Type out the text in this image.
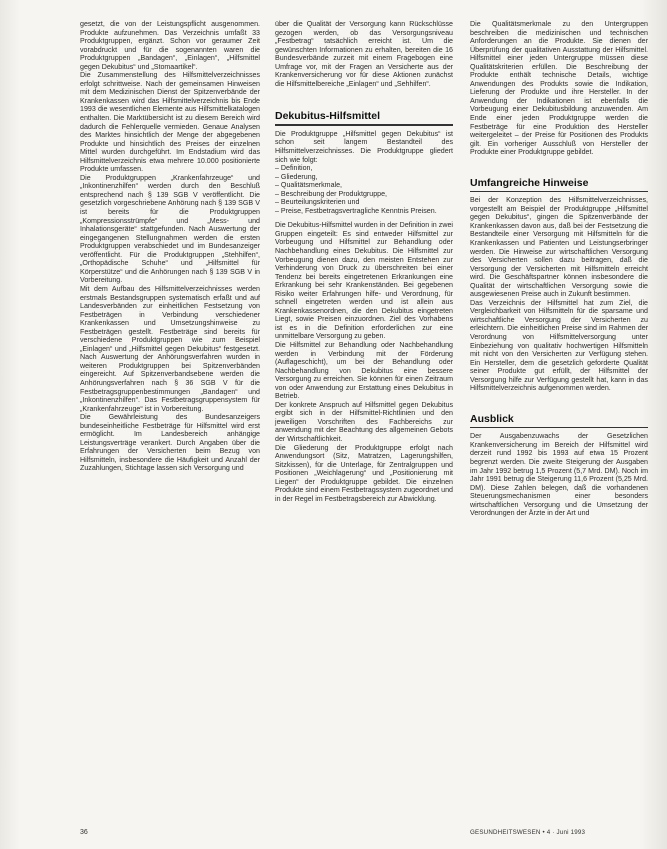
gesetzt, die von der Leistungspflicht ausgenommen. Produkte aufzunehmen. Das Verzeichnis umfaßt 33 Produktgruppen, ergänzt. Schon vor geraumer Zeit vorabdruckt und für die sogenannten waren die Produktgruppen „Bandagen“, „Einlagen“, „Hilfsmittel gegen Dekubitus“ und „Stomaartikel“.

Die Zusammenstellung des Hilfsmittelverzeichnisses erfolgt schrittweise. Nach der gemeinsamen Hinweisen mit dem Medizinischen Dienst der Spitzenverbände der Krankenkassen wird das Hilfsmittelverzeichnis bis Ende 1993 die wesentlichen Elemente aus Hilfsmittelkatalogen enthalten. Die Marktübersicht ist zu diesem Bereich wird dadurch die Fehlerquelle vermieden. Genaue Analysen des Marktes hinsichtlich der Menge der abgegebenen Produkte und hinsichtlich des Preises der einzelnen Mittel wurden durchgeführt. Im Endstadium wird das Hilfsmittelverzeichnis etwa mehrere 10.000 positionierte Produkte umfassen.

Die Produktgruppen „Krankenfahrzeuge“ und „Inkontinenzhilfen“ werden durch den Beschluß entsprechend nach § 139 SGB V veröffentlicht. Die gesetzlich vorgeschriebene Anhörung nach § 139 SGB V ist bereits für die Produktgruppen „Kompressionsstrümpfe“ und „Mess- und Inhalationsgeräte“ stattgefunden. Nach Auswertung der eingegangenen Stellungnahmen werden die ersten Produktgruppen verabschiedet und im Bundesanzeiger veröffentlicht. Für die Produktgruppen „Stehhilfen“, „Orthopädische Schuhe“ und „Hilfsmittel für Körperstütze“ und die Anhörungen nach § 139 SGB V in Vorbereitung.

Mit dem Aufbau des Hilfsmittelverzeichnisses werden erstmals Bestandsgruppen systematisch erfaßt und auf Landesverbänden zur einheitlichen Festsetzung von Festbeträgen in Verbindung verschiedener Krankenkassen und Umsetzungshinweise zu Festbeträgen gestellt. Festbeträge sind bereits für verschiedene Produktgruppen wie zum Beispiel „Einlagen“ und „Hilfsmittel gegen Dekubitus“ festgesetzt. Nach Auswertung der Anhörungsverfahren wurden in weiteren Produktgruppen bei Spitzenverbänden eingereicht. Auf Spitzenverbandsebene werden die Anhörungsverfahren nach § 36 SGB V für die Festbetragsgruppenbestimmungen „Bandagen“ und „Inkontinenzhilfen“. Das Festbetragsgruppensystem für „Krankenfahrzeuge“ ist in Vorbereitung.

Die Gewährleistung des Bundesanzeigers bundeseinheitliche Festbeträge für Hilfsmittel wird erst ermöglicht. Im Landesbereich anhängige Leistungsverträge verankert. Durch Angaben über die Erfahrungen der Versicherten beim Bezug von Hilfsmitteln, insbesondere die Häufigkeit und Anzahl der Zuzahlungen, Stichtage lassen sich Versorgung und

über die Qualität der Versorgung kann Rückschlüsse gezogen werden, ob das Versorgungsniveau „Festbetrag“ tatsächlich erreicht ist. Um die gewünschten Informationen zu erhalten, bereiten die 16 Bundesverbände zurzeit mit einem Fragebogen eine Umfrage vor, mit der Fragen an Versicherte aus der Krankenversicherung vor für diese Aktionen zunächst die Hilfsmittelbereiche „Einlagen“ und „Sehhilfen“.

Dekubitus-Hilfsmittel

Die Produktgruppe „Hilfsmittel gegen Dekubitus“ ist schon seit langem Bestandteil des Hilfsmittelverzeichnisses. Die Produktgruppe gliedert sich wie folgt:

– Definition,
– Gliederung,
– Qualitätsmerkmale,
– Beschreibung der Produktgruppe,
– Beurteilungskriterien und
– Preise, Festbetragsvertragliche Kenntnis Preisen.

Die Dekubitus-Hilfsmittel wurden in der Definition in zwei Gruppen eingeteilt: Es sind entweder Hilfsmittel zur Vorbeugung und Hilfsmittel zur Behandlung oder Nachbehandlung eines Dekubitus. Die Hilfsmittel zur Vorbeugung dienen dazu, den meisten Entstehen zur Verhinderung von Druck zu überschreiten bei einer Tendenz bei bereits eingetretenen Erkrankungen eine Erkrankung bei sehr Krankenständen. Bei gegebenen Risiko weiter Erfahrungen hilfe- und Verordnung, für schnell eingetreten werden und ist allein aus Krankenkassenordnen, die den Dekubitus eingetreten Liegt, sowie Preisen einzuordnen. Ziel des Vorhabens ist es in die Definition erforderlichen zur eine unmittelbare Versorgung zu geben.

Die Hilfsmittel zur Behandlung oder Nachbehandlung werden in Verbindung mit der Förderung (Auflageschicht), um bei der Behandlung oder Nachbehandlung von Dekubitus eine bessere Versorgung zu erreichen. Sie können für einen Zeitraum von oder Anwendung zur Erstattung eines Dekubitus in Betrieb.

Der konkrete Anspruch auf Hilfsmittel gegen Dekubitus ergibt sich in der Hilfsmittel-Richtlinien und den jeweiligen Vorschriften des Fachbereichs zur anwendung mit der Beachtung des allgemeinen Gebots der Wirtschaftlichkeit.

Die Gliederung der Produktgruppe erfolgt nach Anwendungsort (Sitz, Matratzen, Lagerungshilfen, Sitzkissen), für die Unterlage, für Zentralgruppen und Positionen „Weichlagerung“ und „Positionierung mit Liegen“ der Produktgruppe gebildet. Die einzelnen Produkte sind einem Festbetragssystem zugeordnet und in der Regel im Festbetragsbereich zur Abwicklung.

Die Qualitätsmerkmale zu den Untergruppen beschreiben die medizinischen und technischen Anforderungen an die Produkte. Sie dienen der Überprüfung der qualitativen Ausstattung der Hilfsmittel. Hilfsmittel einer jeden Untergruppe müssen diese Qualitätskriterien erfüllen. Die Beschreibung der Produkte enthält technische Details, wichtige Anwendungen des Produkts sowie die Indikation, Lieferung der Produkte und ihre Hersteller. In der Anwendung der Indikationen ist ebenfalls die Vorbeugung einer Dekubitusbildung anzuwenden. Am Ende einer jeden Produktgruppe werden die Festbeträge für eine Produktion des Hersteller weitergeleitet – der Preise für Positionen des Produkts gilt. Ein vorheriger Ausschluß von Hersteller der Produkte einer Produktgruppe gebildet.

Umfangreiche Hinweise

Bei der Konzeption des Hilfsmittelverzeichnisses, vorgestellt am Beispiel der Produktgruppe „Hilfsmittel gegen Dekubitus“, gingen die Spitzenverbände der Krankenkassen davon aus, daß bei der Festsetzung die Bestandteile einer Versorgung mit Hilfsmitteln für die Krankenkassen und Patienten und Leistungserbringer werden. Die Hinweise zur wirtschaftlichen Versorgung des Versicherten sollen dazu beitragen, daß die Versorgung der Versicherten mit Hilfsmitteln erreicht wird. Die Geschäftspartner können insbesondere die Qualität der wirtschaftlichen Versorgung sowie die ausgewiesenen Preise auch in Zukunft bestimmen.

Das Verzeichnis der Hilfsmittel hat zum Ziel, die Vergleichbarkeit von Hilfsmitteln für die sparsame und wirtschaftliche Versorgung der Versicherten zu erleichtern. Die einheitlichen Preise sind im Rahmen der Verordnung von Hilfsmittelversorgung unter Einbeziehung von qualitativ hochwertigen Hilfsmitteln mit nicht von den Versicherten zur Verfügung stehen. Ein Hersteller, dem die gesetzlich geforderte Qualität seiner Produkte gut erfüllt, der Hilfsmittel der Versorgung hilfe zur Verfügung gestellt hat, kann in das Hilfsmittelverzeichnis aufgenommen werden.

Ausblick

Der Ausgabenzuwachs der Gesetzlichen Krankenversicherung im Bereich der Hilfsmittel wird derzeit rund 1992 bis 1993 auf etwa 15 Prozent begrenzt werden. Die zweite Steigerung der Ausgaben im Jahr 1992 betrug 1,5 Prozent (5,7 Mrd. DM). Noch im Jahr 1991 betrug die Steigerung 11,6 Prozent (5,25 Mrd. DM). Diese Zahlen belegen, daß die vorhandenen Steuerungsmechanismen einer besonders wirtschaftlichen Versorgung und die Umsetzung der Verordnungen der Ärzte in der Art und

36	GESUNDHEITSWESEN • 4 · Juni 1993
